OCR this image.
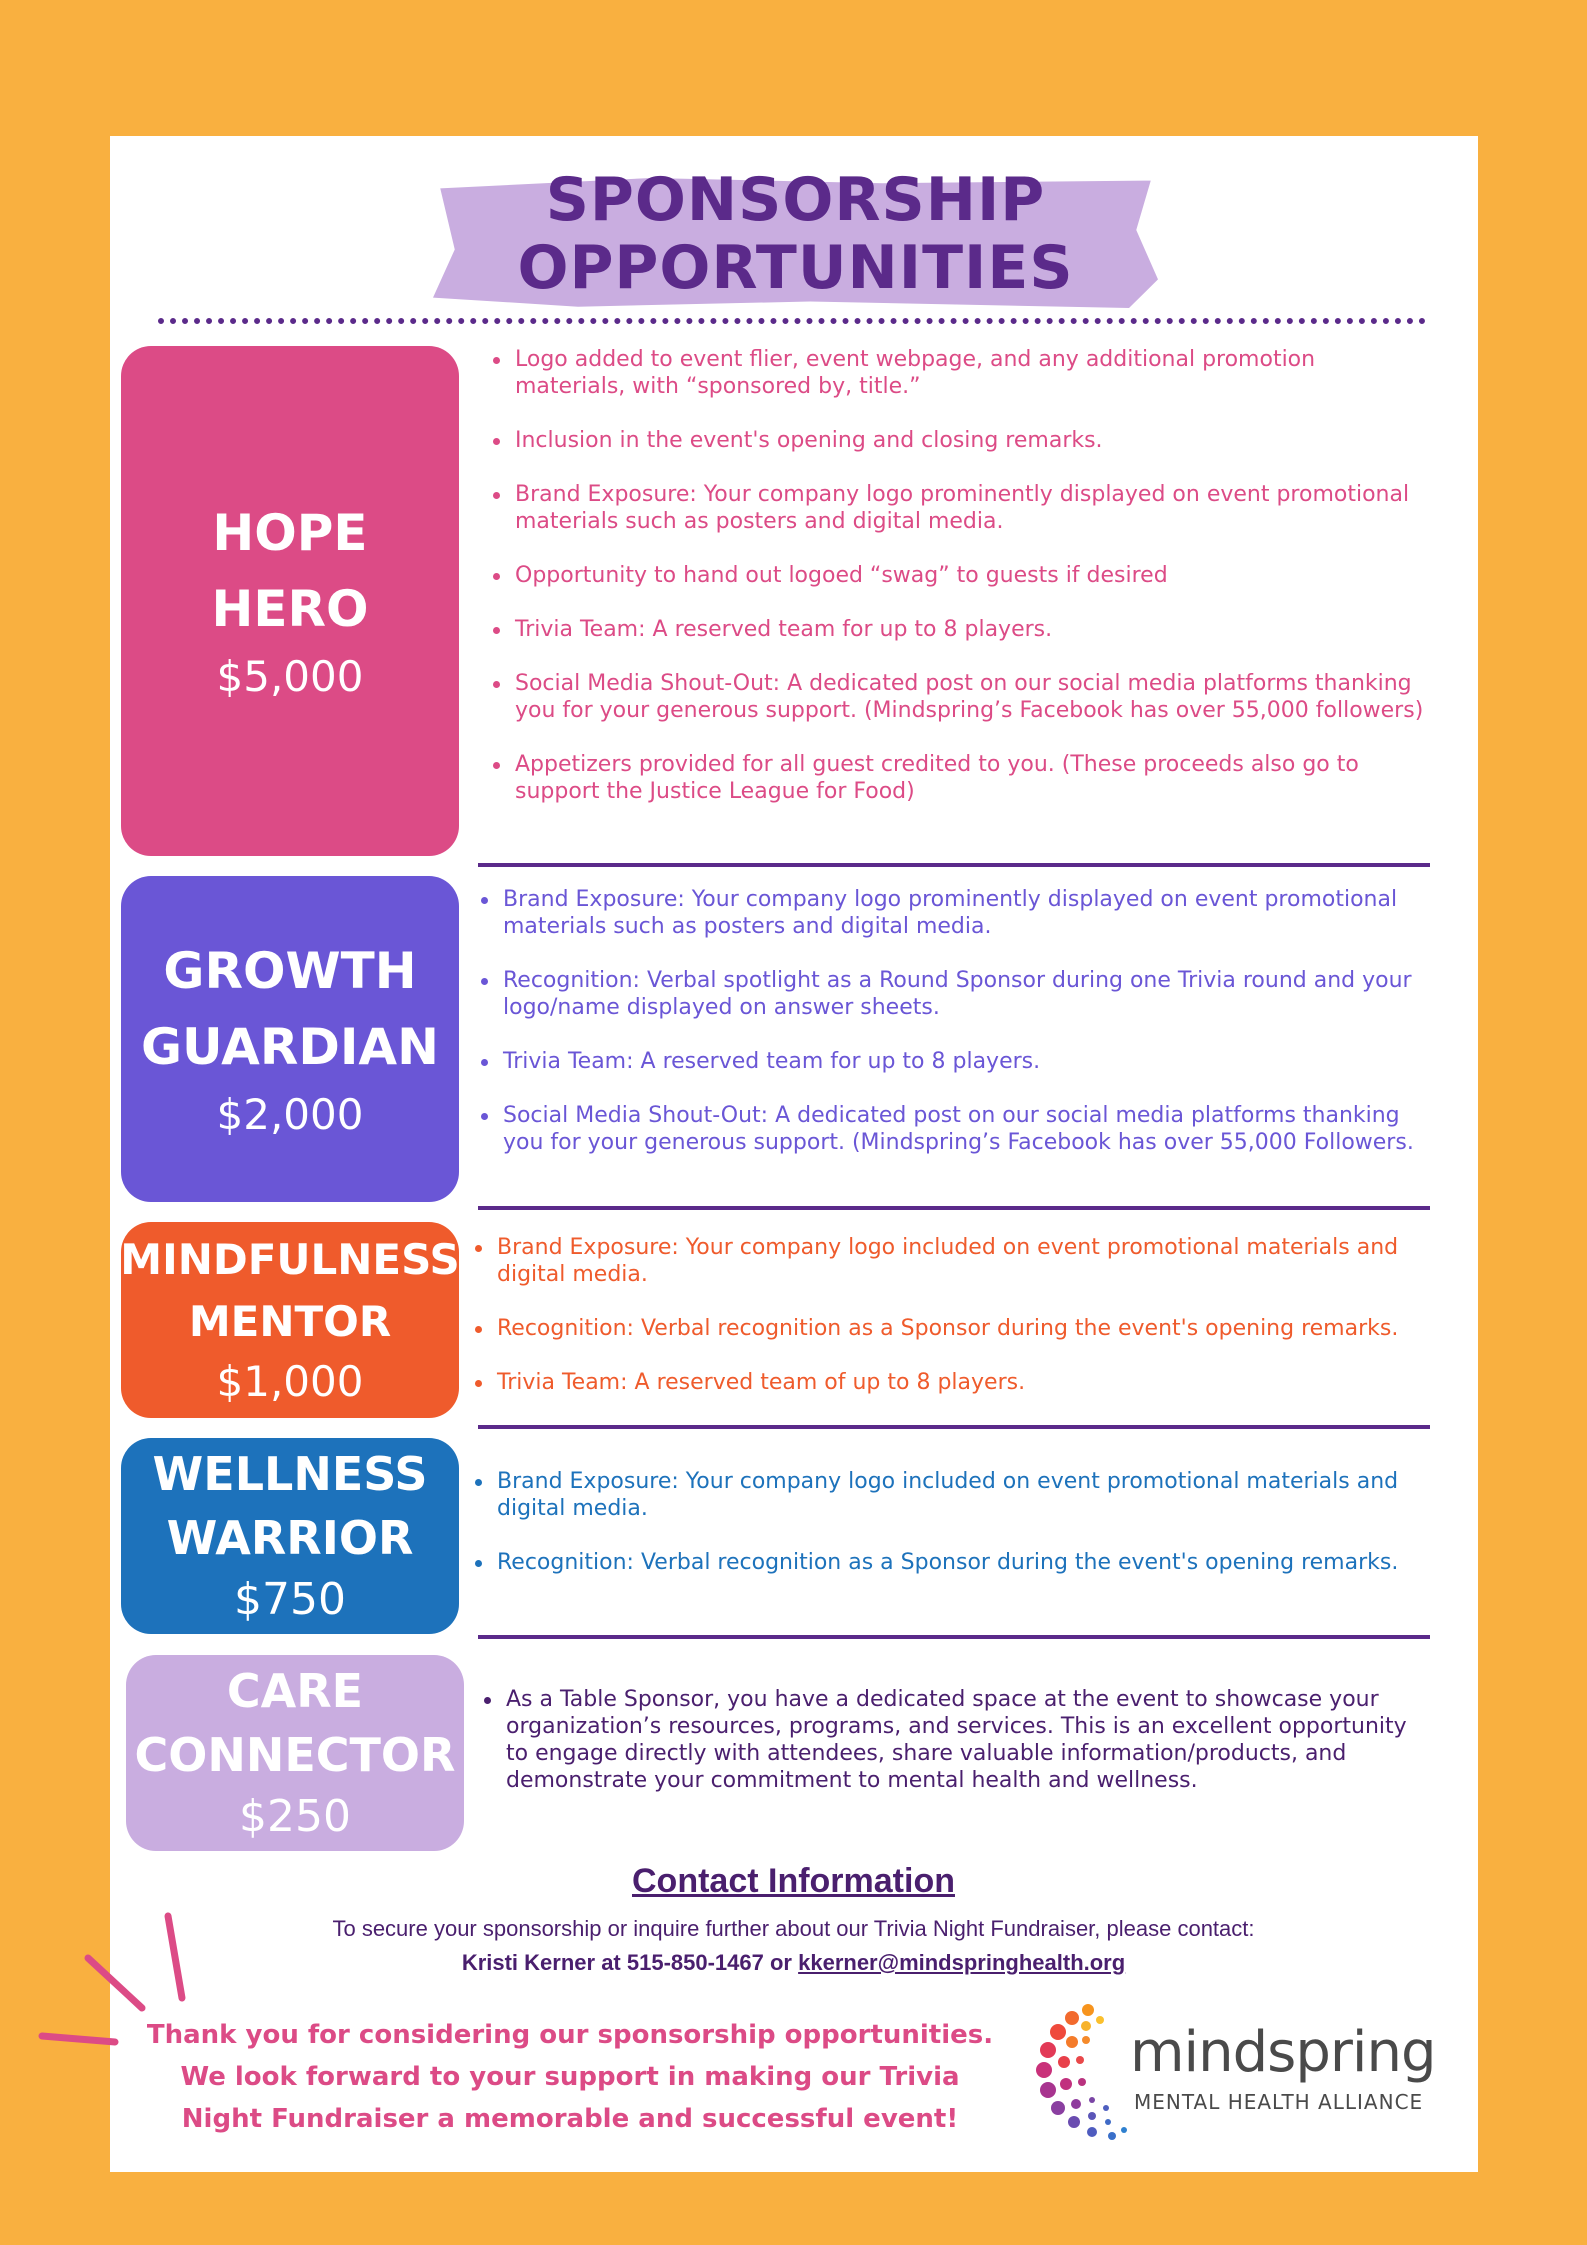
SPONSORSHIP
OPPORTUNITIES
HOPE
HERO
$5,000
Logo added to event flier, event webpage, and any additional promotion materials, with “sponsored by, title.”
Inclusion in the event's opening and closing remarks.
Brand Exposure: Your company logo prominently displayed on event promotional materials such as posters and digital media.
Opportunity to hand out logoed “swag” to guests if desired
Trivia Team: A reserved team for up to 8 players.
Social Media Shout-Out: A dedicated post on our social media platforms thanking you for your generous support. (Mindspring’s Facebook has over 55,000 followers)
Appetizers provided for all guest credited to you. (These proceeds also go to support the Justice League for Food)
GROWTH
GUARDIAN
$2,000
Brand Exposure: Your company logo prominently displayed on event promotional materials such as posters and digital media.
Recognition: Verbal spotlight as a Round Sponsor during one Trivia round and your logo/name displayed on answer sheets.
Trivia Team: A reserved team for up to 8 players.
Social Media Shout-Out: A dedicated post on our social media platforms thanking you for your generous support. (Mindspring’s Facebook has over 55,000 Followers.
MINDFULNESS
MENTOR
$1,000
Brand Exposure: Your company logo included on event promotional materials and digital media.
Recognition: Verbal recognition as a Sponsor during the event's opening remarks.
Trivia Team: A reserved team of up to 8 players.
WELLNESS
WARRIOR
$750
Brand Exposure: Your company logo included on event promotional materials and digital media.
Recognition: Verbal recognition as a Sponsor during the event's opening remarks.
CARE
CONNECTOR
$250
As a Table Sponsor, you have a dedicated space at the event to showcase your organization’s resources, programs, and services. This is an excellent opportunity to engage directly with attendees, share valuable information/products, and demonstrate your commitment to mental health and wellness.
Contact Information
To secure your sponsorship or inquire further about our Trivia Night Fundraiser, please contact:
Kristi Kerner at 515-850-1467 or kkerner@mindspringhealth.org
Thank you for considering our sponsorship opportunities.
We look forward to your support in making our Trivia
Night Fundraiser a memorable and successful event!
mindspring
MENTAL HEALTH ALLIANCE
